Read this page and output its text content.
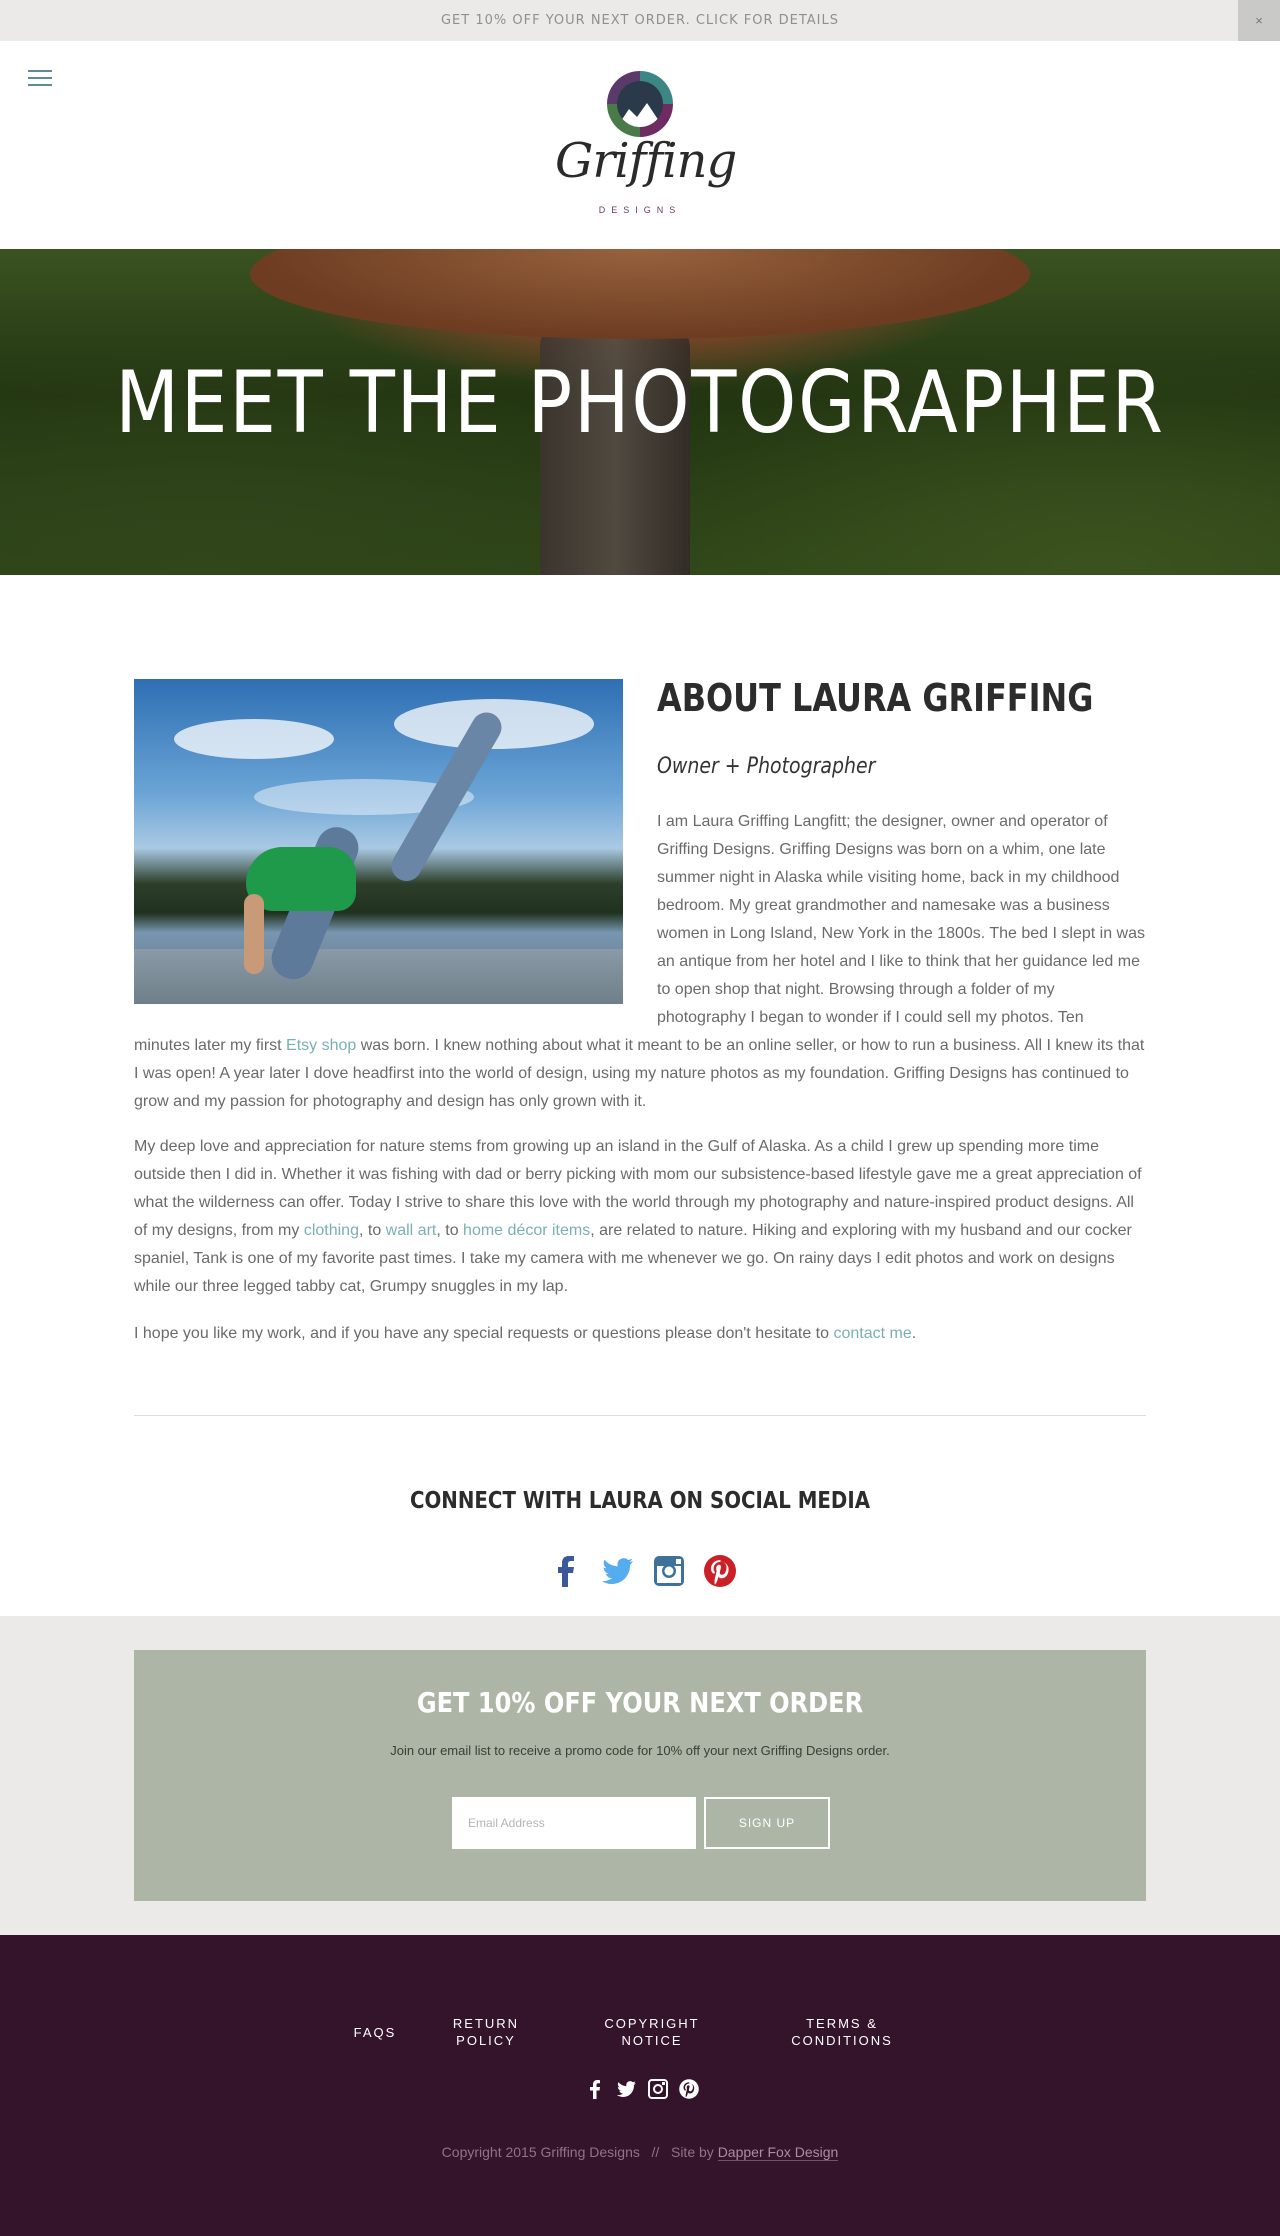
GET 10% OFF YOUR NEXT ORDER. CLICK FOR DETAILS	×
Griffing
DESIGNS
MEET THE PHOTOGRAPHER
ABOUT LAURA GRIFFING
Owner + Photographer

I am Laura Griffing Langfitt; the designer, owner and operator of Griffing Designs. Griffing Designs was born on a whim, one late summer night in Alaska while visiting home, back in my childhood bedroom. My great grandmother and namesake was a business women in Long Island, New York in the 1800s. The bed I slept in was an antique from her hotel and I like to think that her guidance led me to open shop that night. Browsing through a folder of my photography I began to wonder if I could sell my photos. Ten

minutes later my first Etsy shop was born. I knew nothing about what it meant to be an online seller, or how to run a business. All I knew its that I was open! A year later I dove headfirst into the world of design, using my nature photos as my foundation. Griffing Designs has continued to grow and my passion for photography and design has only grown with it.

My deep love and appreciation for nature stems from growing up an island in the Gulf of Alaska. As a child I grew up spending more time outside then I did in. Whether it was fishing with dad or berry picking with mom our subsistence-based lifestyle gave me a great appreciation of what the wilderness can offer. Today I strive to share this love with the world through my photography and nature-inspired product designs. All of my designs, from my clothing, to wall art, to home décor items, are related to nature. Hiking and exploring with my husband and our cocker spaniel, Tank is one of my favorite past times. I take my camera with me whenever we go. On rainy days I edit photos and work on designs while our three legged tabby cat, Grumpy snuggles in my lap.

I hope you like my work, and if you have any special requests or questions please don't hesitate to contact me.

CONNECT WITH LAURA ON SOCIAL MEDIA
GET 10% OFF YOUR NEXT ORDER

Join our email list to receive a promo code for 10% off your next Griffing Designs order.

Email Address
SIGN UP
FAQS
RETURN
POLICY
COPYRIGHT
NOTICE
TERMS &
CONDITIONS

Copyright 2015 Griffing Designs // Site by Dapper Fox Design
